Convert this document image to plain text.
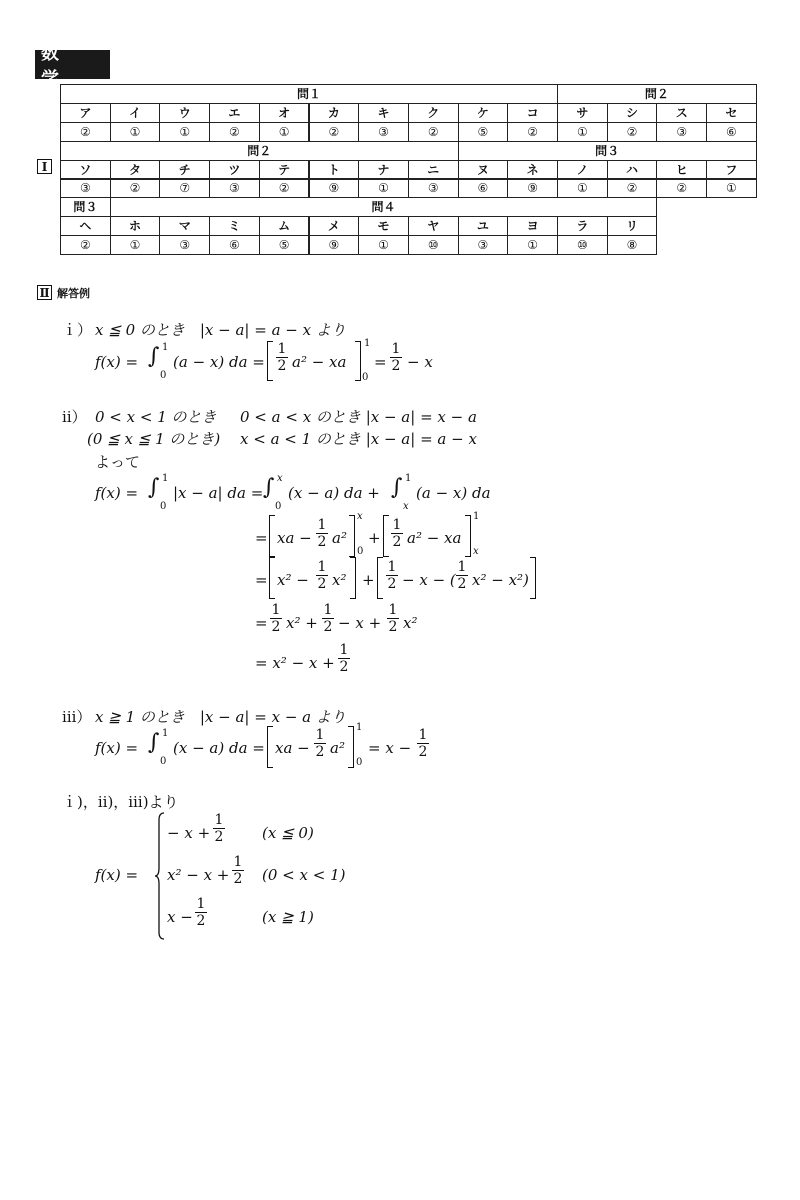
数 学
Ⅰ
問１	問２
ア	イ	ウ	エ	オ	カ	キ	ク	ケ	コ	サ	シ	ス	セ
②	①	①	②	①	②	③	②	⑤	②	①	②	③	⑥
問２	問３
ソ	タ	チ	ツ	テ	ト	ナ	ニ	ヌ	ネ	ノ	ハ	ヒ	フ
③	②	⑦	③	②	⑨	①	③	⑥	⑨	①	②	②	①
問３	問４
ヘ	ホ	マ	ミ	ム	メ	モ	ヤ	ユ	ヨ	ラ	リ
②	①	③	⑥	⑤	⑨	①	⑩	③	①	⑩	⑧
Ⅱ 解答例
ｉ） x ≦ 0 のとき　|x − a| = a − x より
f(x) = ∫ 1
0
(a − x) da =
1
2 a² − xa
1
0
=
1
2 − x
ⅱ） 0 < x < 1 のとき 0 < a < x のとき |x − a| = x − a
(0 ≦ x ≦ 1 のとき) x < a < 1 のとき |x − a| = a − x
よって
f(x) = ∫ 1
0
|x − a| da = ∫ x
0
(x − a) da + ∫ 1
x
(a − x) da
= xa −
1
2 a²
x
0
+
1
2 a² − xa
1
x
= x² −
1
2 x² +
1
2 − x − (
1
2 x² − x²)
=
1
2 x² +
1
2 − x +
1
2 x²
= x² − x +
1
2
ⅲ） x ≧ 1 のとき　|x − a| = x − a より
f(x) = ∫ 1
0
(x − a) da = xa −
1
2 a²
1
0
= x −
1
2
ｉ)，ⅱ)，ⅲ)より
f(x) =
− x +
1
2	(x ≦ 0)
x² − x +
1
2 (0 < x < 1)
x −
1
2	(x ≧ 1)
